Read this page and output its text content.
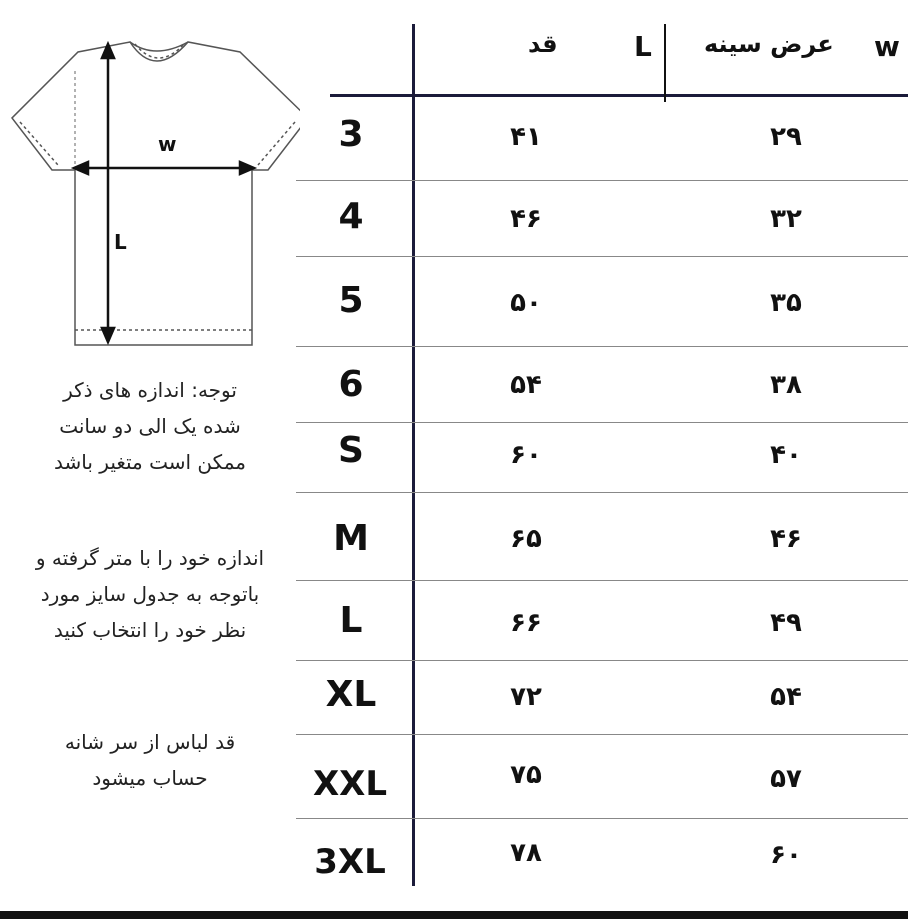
w
L
توجه: اندازه های ذکر
شده یک الی دو سانت
ممکن است متغیر باشد
اندازه خود را با متر گرفته و
باتوجه به جدول سایز مورد
نظر خود را انتخاب کنید
قد لباس از سر شانه
حساب میشود
قد	L عرض سینه w
3	۴۱	۲۹
4	۴۶	۳۲
5	۵۰	۳۵
6	۵۴	۳۸
S	۶۰	۴۰
M	۶۵	۴۶
L	۶۶	۴۹
XL	۷۲	۵۴
XXL	۷۵	۵۷
3XL	۷۸	۶۰
